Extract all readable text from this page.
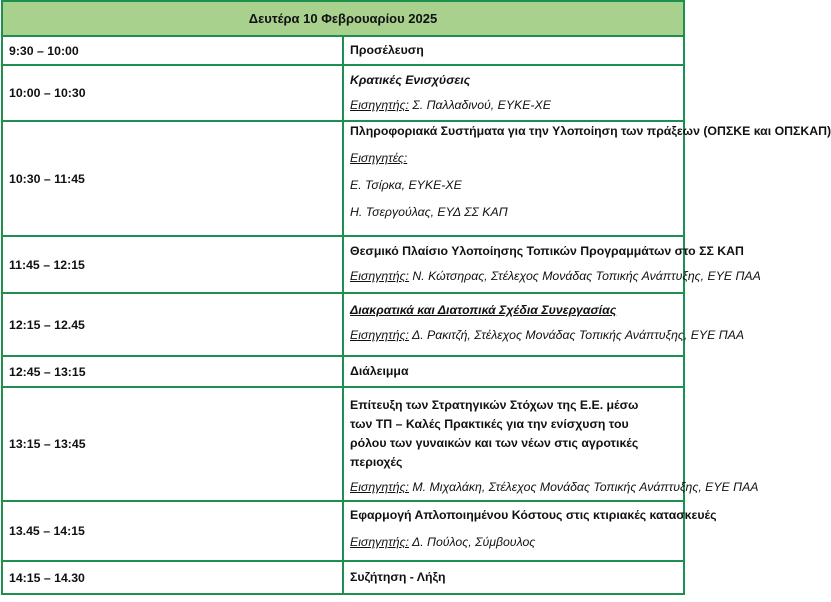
Δευτέρα 10 Φεβρουαρίου 2025	
9:30 – 10:00	Προσέλευση

10:00 – 10:30	Κρατικές Ενισχύσεις
Εισηγητής: Σ. Παλλαδινού, ΕΥΚΕ-ΧΕ

10:30 – 11:45	Πληροφοριακά Συστήματα για την Υλοποίηση των πράξεων (ΟΠΣΚΕ και ΟΠΣΚΑΠ)
Εισηγητές:
Ε. Τσίρκα, ΕΥΚΕ-ΧΕ
Η. Τσεργούλας, ΕΥΔ ΣΣ ΚΑΠ

11:45 – 12:15	Θεσμικό Πλαίσιο Υλοποίησης Τοπικών Προγραμμάτων στο ΣΣ ΚΑΠ
Εισηγητής: Ν. Κώτσηρας, Στέλεχος Μονάδας Τοπικής Ανάπτυξης, ΕΥΕ ΠΑΑ

12:15 – 12.45	Διακρατικά και Διατοπικά Σχέδια Συνεργασίας
Εισηγητής: Δ. Ρακιτζή, Στέλεχος Μονάδας Τοπικής Ανάπτυξης, ΕΥΕ ΠΑΑ

12:45 – 13:15	Διάλειμμα

13:15 – 13:45	Επίτευξη των Στρατηγικών Στόχων της Ε.Ε. μέσω των ΤΠ – Καλές Πρακτικές για την ενίσχυση του ρόλου των γυναικών και των νέων στις αγροτικές περιοχές
Εισηγητής: Μ. Μιχαλάκη, Στέλεχος Μονάδας Τοπικής Ανάπτυξης, ΕΥΕ ΠΑΑ

13.45 – 14:15	Εφαρμογή Απλοποιημένου Κόστους στις κτιριακές κατασκευές
Εισηγητής: Δ. Πούλος, Σύμβουλος

14:15 – 14.30	Συζήτηση - Λήξη
